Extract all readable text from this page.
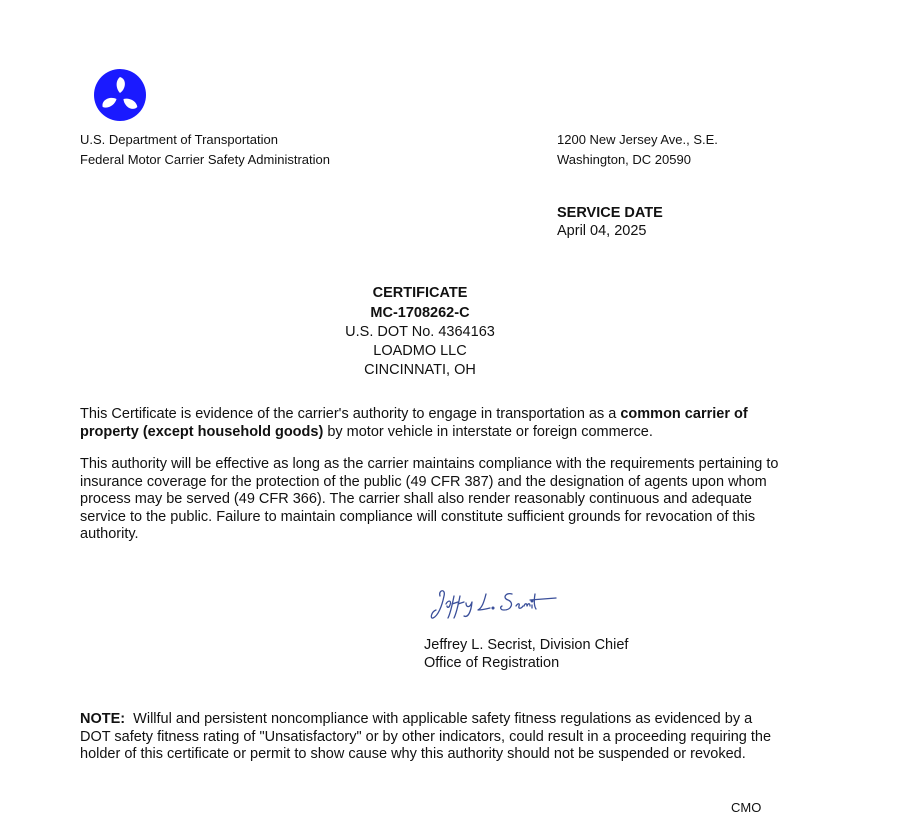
U.S. Department of Transportation
Federal Motor Carrier Safety Administration
1200 New Jersey Ave., S.E.
Washington, DC 20590
SERVICE DATE
April 04, 2025
CERTIFICATE
MC-1708262-C
U.S. DOT No. 4364163
LOADMO LLC
CINCINNATI, OH
This Certificate is evidence of the carrier's authority to engage in transportation as a common carrier of property (except household goods) by motor vehicle in interstate or foreign commerce.
This authority will be effective as long as the carrier maintains compliance with the requirements pertaining to insurance coverage for the protection of the public (49 CFR 387) and the designation of agents upon whom process may be served (49 CFR 366). The carrier shall also render reasonably continuous and adequate service to the public. Failure to maintain compliance will constitute sufficient grounds for revocation of this authority.
Jeffrey L. Secrist, Division Chief
Office of Registration
NOTE:  Willful and persistent noncompliance with applicable safety fitness regulations as evidenced by a DOT safety fitness rating of "Unsatisfactory" or by other indicators, could result in a proceeding requiring the holder of this certificate or permit to show cause why this authority should not be suspended or revoked.
CMO
